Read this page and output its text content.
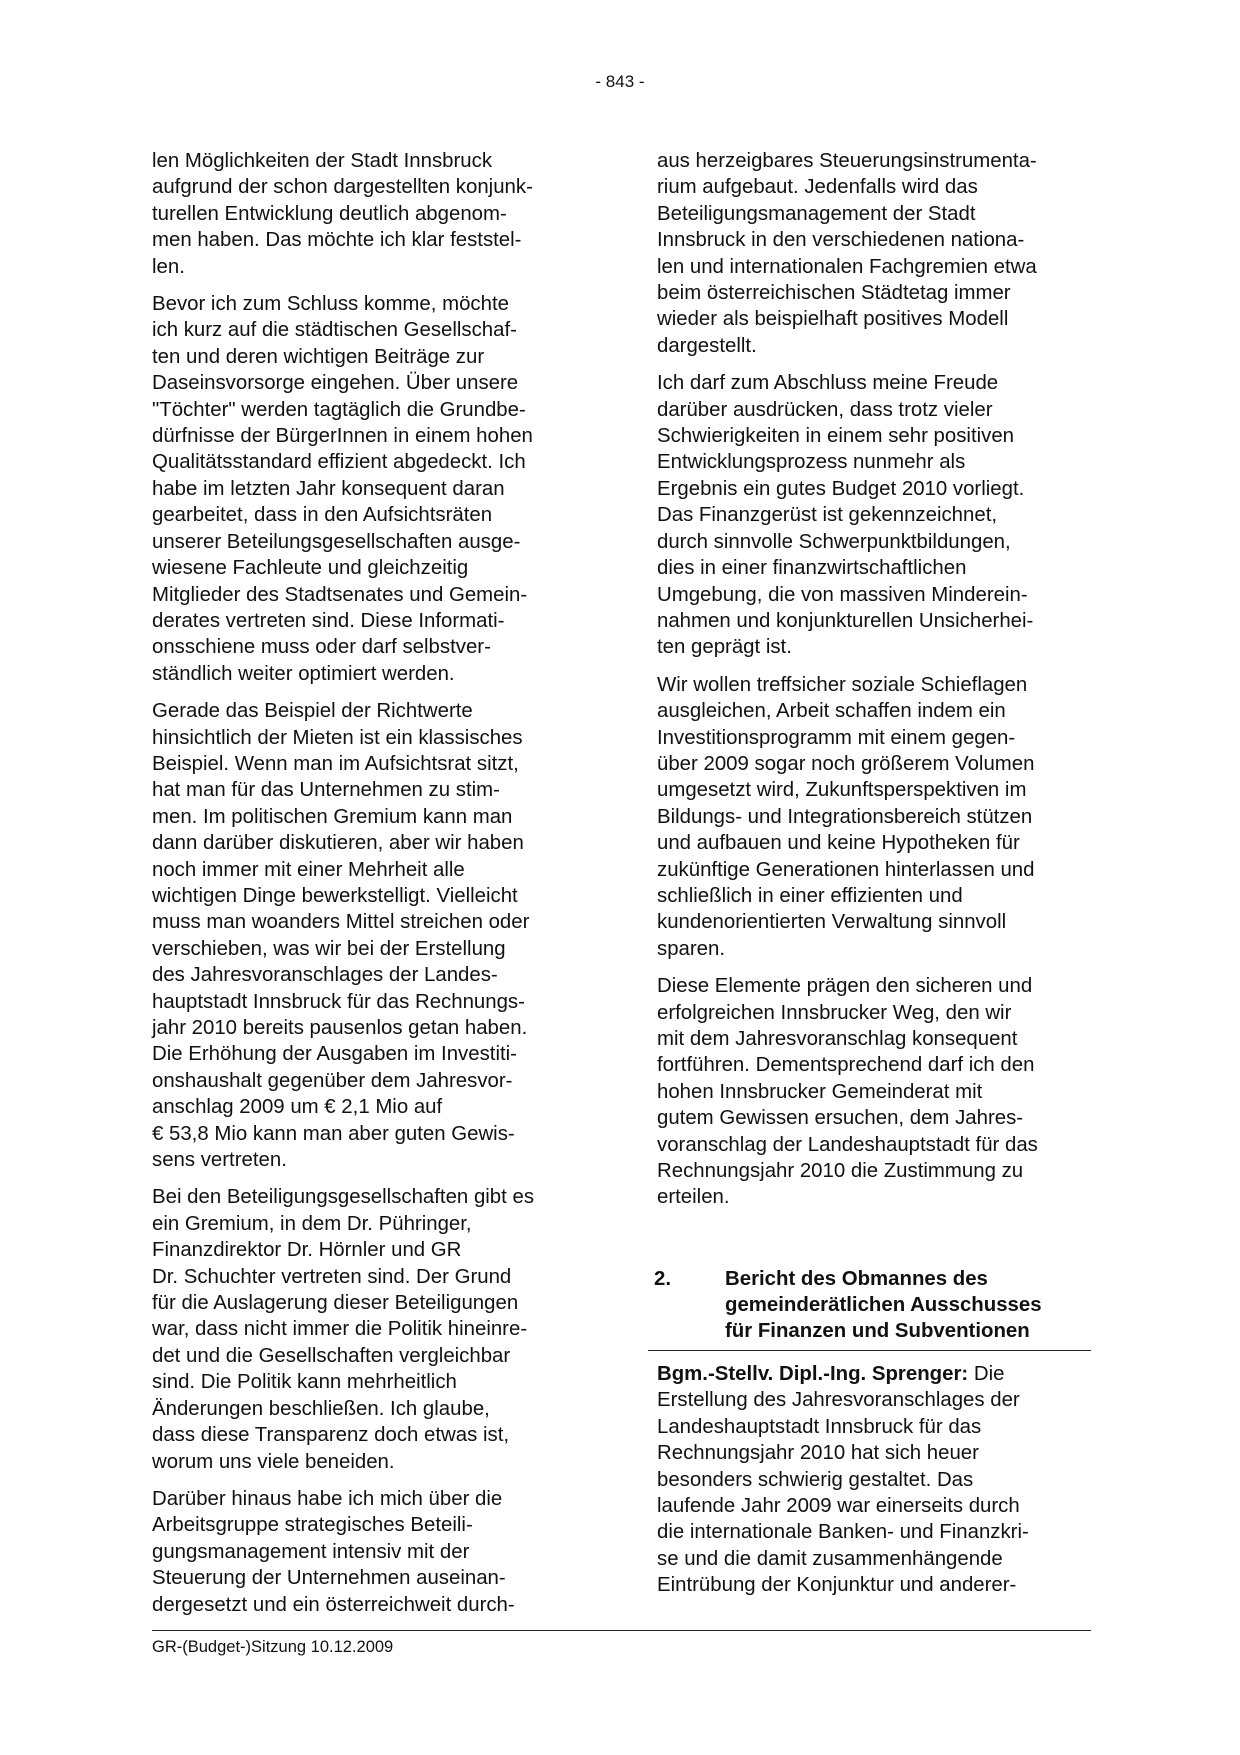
- 843 -

len Möglichkeiten der Stadt Innsbruck
aufgrund der schon dargestellten konjunk-
turellen Entwicklung deutlich abgenom-
men haben. Das möchte ich klar feststel-
len.

Bevor ich zum Schluss komme, möchte
ich kurz auf die städtischen Gesellschaf-
ten und deren wichtigen Beiträge zur
Daseinsvorsorge eingehen. Über unsere
"Töchter" werden tagtäglich die Grundbe-
dürfnisse der BürgerInnen in einem hohen
Qualitätsstandard effizient abgedeckt. Ich
habe im letzten Jahr konsequent daran
gearbeitet, dass in den Aufsichtsräten
unserer Beteilungsgesellschaften ausge-
wiesene Fachleute und gleichzeitig
Mitglieder des Stadtsenates und Gemein-
derates vertreten sind. Diese Informati-
onsschiene muss oder darf selbstver-
ständlich weiter optimiert werden.

Gerade das Beispiel der Richtwerte
hinsichtlich der Mieten ist ein klassisches
Beispiel. Wenn man im Aufsichtsrat sitzt,
hat man für das Unternehmen zu stim-
men. Im politischen Gremium kann man
dann darüber diskutieren, aber wir haben
noch immer mit einer Mehrheit alle
wichtigen Dinge bewerkstelligt. Vielleicht
muss man woanders Mittel streichen oder
verschieben, was wir bei der Erstellung
des Jahresvoranschlages der Landes-
hauptstadt Innsbruck für das Rechnungs-
jahr 2010 bereits pausenlos getan haben.
Die Erhöhung der Ausgaben im Investiti-
onshaushalt gegenüber dem Jahresvor-
anschlag 2009 um € 2,1 Mio auf
€ 53,8 Mio kann man aber guten Gewis-
sens vertreten.

Bei den Beteiligungsgesellschaften gibt es
ein Gremium, in dem Dr. Pühringer,
Finanzdirektor Dr. Hörnler und GR
Dr. Schuchter vertreten sind. Der Grund
für die Auslagerung dieser Beteiligungen
war, dass nicht immer die Politik hineinre-
det und die Gesellschaften vergleichbar
sind. Die Politik kann mehrheitlich
Änderungen beschließen. Ich glaube,
dass diese Transparenz doch etwas ist,
worum uns viele beneiden.

Darüber hinaus habe ich mich über die
Arbeitsgruppe strategisches Beteili-
gungsmanagement intensiv mit der
Steuerung der Unternehmen auseinan-
dergesetzt und ein österreichweit durch-

aus herzeigbares Steuerungsinstrumenta-
rium aufgebaut. Jedenfalls wird das
Beteiligungsmanagement der Stadt
Innsbruck in den verschiedenen nationa-
len und internationalen Fachgremien etwa
beim österreichischen Städtetag immer
wieder als beispielhaft positives Modell
dargestellt.

Ich darf zum Abschluss meine Freude
darüber ausdrücken, dass trotz vieler
Schwierigkeiten in einem sehr positiven
Entwicklungsprozess nunmehr als
Ergebnis ein gutes Budget 2010 vorliegt.
Das Finanzgerüst ist gekennzeichnet,
durch sinnvolle Schwerpunktbildungen,
dies in einer finanzwirtschaftlichen
Umgebung, die von massiven Minderein-
nahmen und konjunkturellen Unsicherhei-
ten geprägt ist.

Wir wollen treffsicher soziale Schieflagen
ausgleichen, Arbeit schaffen indem ein
Investitionsprogramm mit einem gegen-
über 2009 sogar noch größerem Volumen
umgesetzt wird, Zukunftsperspektiven im
Bildungs- und Integrationsbereich stützen
und aufbauen und keine Hypotheken für
zukünftige Generationen hinterlassen und
schließlich in einer effizienten und
kundenorientierten Verwaltung sinnvoll
sparen.

Diese Elemente prägen den sicheren und
erfolgreichen Innsbrucker Weg, den wir
mit dem Jahresvoranschlag konsequent
fortführen. Dementsprechend darf ich den
hohen Innsbrucker Gemeinderat mit
gutem Gewissen ersuchen, dem Jahres-
voranschlag der Landeshauptstadt für das
Rechnungsjahr 2010 die Zustimmung zu
erteilen.

2.	Bericht des Obmannes des
gemeinderätlichen Ausschusses
für Finanzen und Subventionen
Bgm.-Stellv. Dipl.-Ing. Sprenger: Die
Erstellung des Jahresvoranschlages der
Landeshauptstadt Innsbruck für das
Rechnungsjahr 2010 hat sich heuer
besonders schwierig gestaltet. Das
laufende Jahr 2009 war einerseits durch
die internationale Banken- und Finanzkri-
se und die damit zusammenhängende
Eintrübung der Konjunktur und anderer-
GR-(Budget-)Sitzung 10.12.2009
